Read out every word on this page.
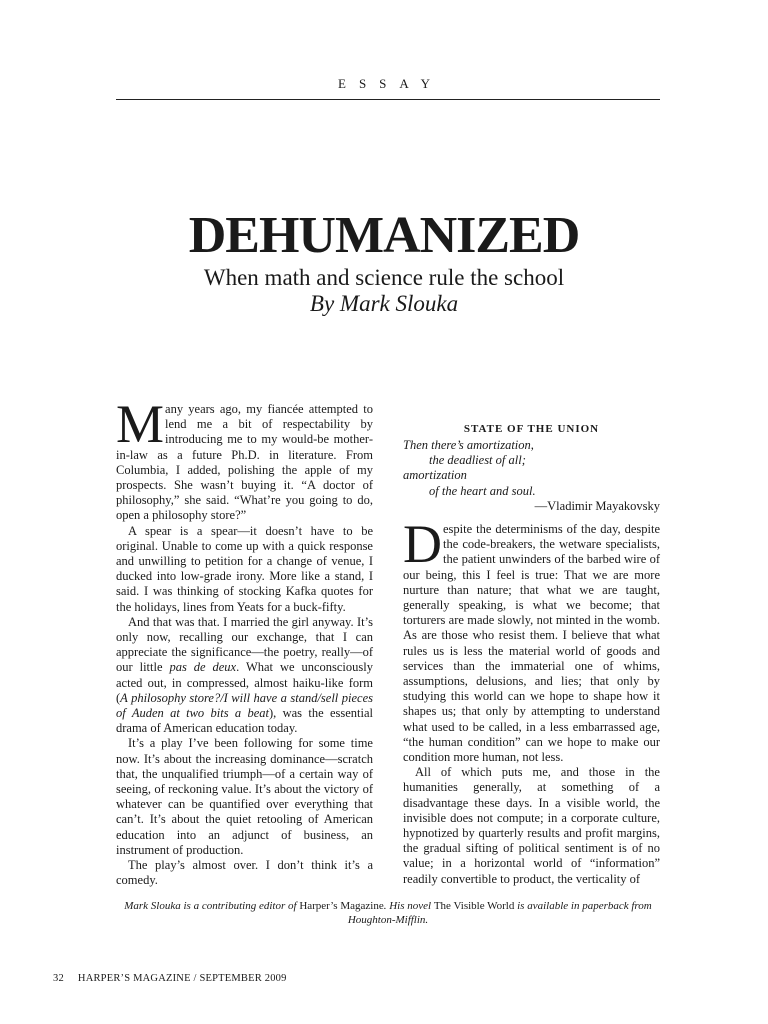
ESSAY
DEHUMANIZED
When math and science rule the school
By Mark Slouka

Many years ago, my fiancée attempted to lend me a bit of respectability by introducing me to my would-be mother-in-law as a future Ph.D. in literature. From Columbia, I added, polishing the apple of my prospects. She wasn’t buying it. “A doctor of philosophy,” she said. “What’re you going to do, open a philosophy store?”

A spear is a spear—it doesn’t have to be original. Unable to come up with a quick response and unwilling to petition for a change of venue, I ducked into low-grade irony. More like a stand, I said. I was thinking of stocking Kafka quotes for the holidays, lines from Yeats for a buck-fifty.

And that was that. I married the girl anyway. It’s only now, recalling our exchange, that I can appreciate the significance—the poetry, really—of our little pas de deux. What we unconsciously acted out, in compressed, almost haiku-like form (A philosophy store?/I will have a stand/sell pieces of Auden at two bits a beat), was the essential drama of American education today.

It’s a play I’ve been following for some time now. It’s about the increasing dominance—scratch that, the unqualified triumph—of a certain way of seeing, of reckoning value. It’s about the victory of whatever can be quantified over everything that can’t. It’s about the quiet retooling of American education into an adjunct of business, an instrument of production.

The play’s almost over. I don’t think it’s a comedy.

STATE OF THE UNION
Then there’s amortization,
the deadliest of all;
amortization
of the heart and soul.
—Vladimir Mayakovsky

Despite the determinisms of the day, despite the code-breakers, the wetware specialists, the patient unwinders of the barbed wire of our being, this I feel is true: That we are more nurture than nature; that what we are taught, generally speaking, is what we become; that torturers are made slowly, not minted in the womb. As are those who resist them. I believe that what rules us is less the material world of goods and services than the immaterial one of whims, assumptions, delusions, and lies; that only by studying this world can we hope to shape how it shapes us; that only by attempting to understand what used to be called, in a less embarrassed age, “the human condition” can we hope to make our condition more human, not less.

All of which puts me, and those in the humanities generally, at something of a disadvantage these days. In a visible world, the invisible does not compute; in a corporate culture, hypnotized by quarterly results and profit margins, the gradual sifting of political sentiment is of no value; in a horizontal world of “information” readily convertible to product, the verticality of

Mark Slouka is a contributing editor of Harper’s Magazine. His novel The Visible World is available in paperback from Houghton-Mifflin.
32 HARPER’S MAGAZINE / SEPTEMBER 2009
